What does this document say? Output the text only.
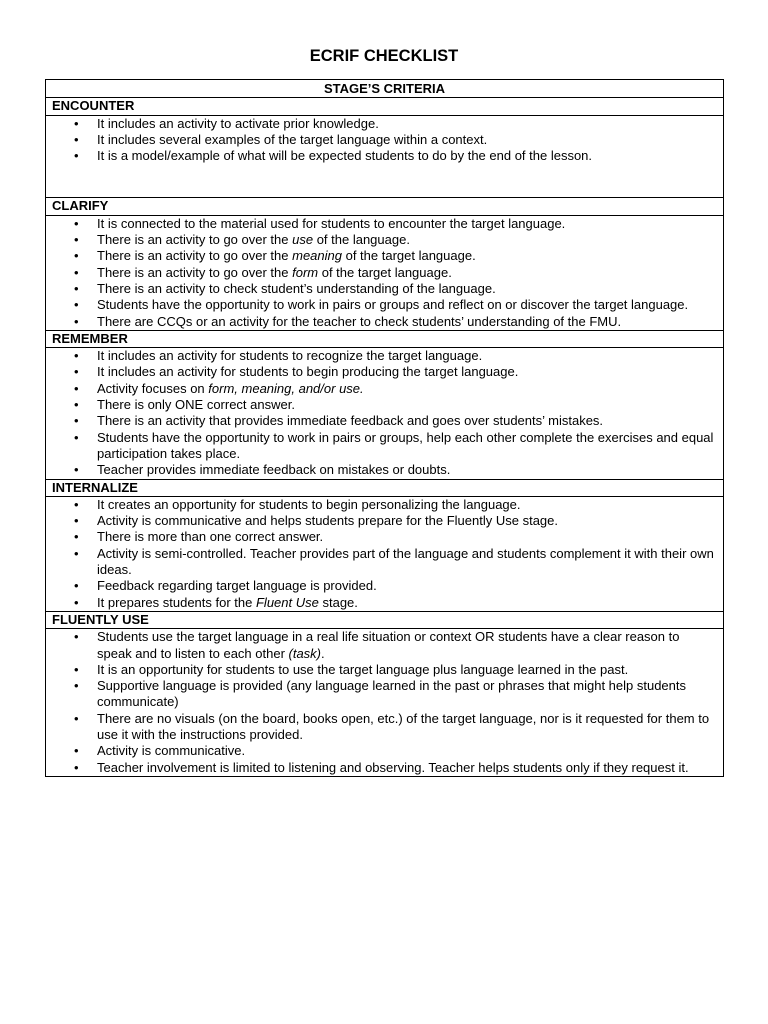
ECRIF CHECKLIST
STAGE’S CRITERIA
ENCOUNTER

• It includes an activity to activate prior knowledge.
• It includes several examples of the target language within a context.
• It is a model/example of what will be expected students to do by the end of the lesson.

CLARIFY

• It is connected to the material used for students to encounter the target language.
• There is an activity to go over the use of the language.
• There is an activity to go over the meaning of the target language.
• There is an activity to go over the form of the target language.
• There is an activity to check student’s understanding of the language.
• Students have the opportunity to work in pairs or groups and reflect on or discover the target language.
• There are CCQs or an activity for the teacher to check students’ understanding of the FMU.

REMEMBER

• It includes an activity for students to recognize the target language.
• It includes an activity for students to begin producing the target language.
• Activity focuses on form, meaning, and/or use.
• There is only ONE correct answer.
• There is an activity that provides immediate feedback and goes over students’ mistakes.
• Students have the opportunity to work in pairs or groups, help each other complete the exercises and equal participation takes place.
• Teacher provides immediate feedback on mistakes or doubts.

INTERNALIZE

• It creates an opportunity for students to begin personalizing the language.
• Activity is communicative and helps students prepare for the Fluently Use stage.
• There is more than one correct answer.
• Activity is semi-controlled. Teacher provides part of the language and students complement it with their own ideas.
• Feedback regarding target language is provided.
• It prepares students for the Fluent Use stage.

FLUENTLY USE

• Students use the target language in a real life situation or context OR students have a clear reason to speak and to listen to each other (task).
• It is an opportunity for students to use the target language plus language learned in the past.
• Supportive language is provided (any language learned in the past or phrases that might help students communicate)
• There are no visuals (on the board, books open, etc.) of the target language, nor is it requested for them to use it with the instructions provided.
• Activity is communicative.
• Teacher involvement is limited to listening and observing. Teacher helps students only if they request it.
